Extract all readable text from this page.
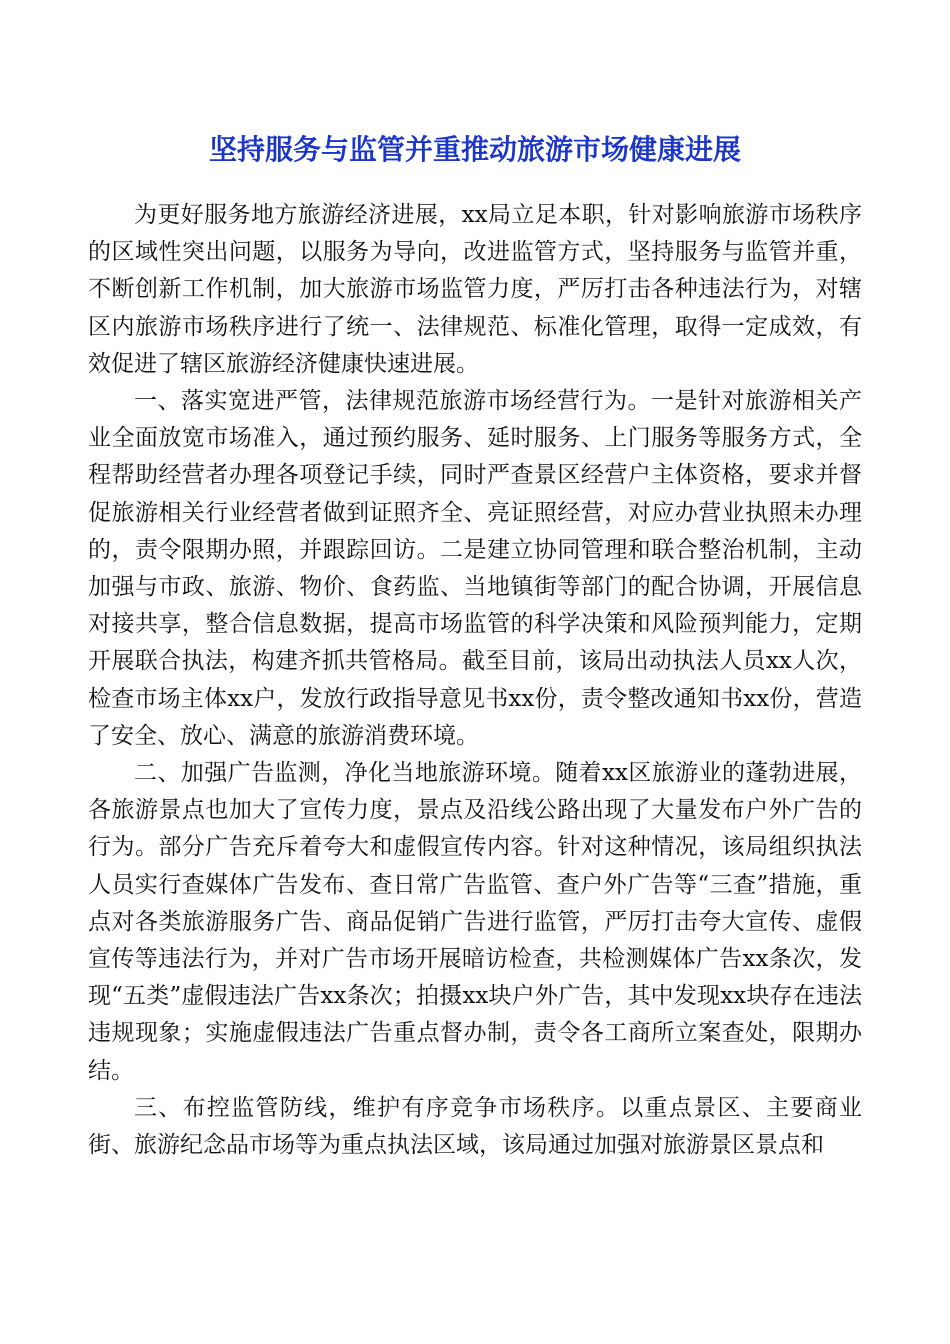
坚持服务与监管并重推动旅游市场健康进展

为更好服务地方旅游经济进展，xx局立足本职，针对影响旅游市场秩序的区域性突出问题，以服务为导向，改进监管方式，坚持服务与监管并重，不断创新工作机制，加大旅游市场监管力度，严厉打击各种违法行为，对辖区内旅游市场秩序进行了统一、法律规范、标准化管理，取得一定成效，有效促进了辖区旅游经济健康快速进展。

一、落实宽进严管，法律规范旅游市场经营行为。一是针对旅游相关产业全面放宽市场准入，通过预约服务、延时服务、上门服务等服务方式，全程帮助经营者办理各项登记手续，同时严查景区经营户主体资格，要求并督促旅游相关行业经营者做到证照齐全、亮证照经营，对应办营业执照未办理的，责令限期办照，并跟踪回访。二是建立协同管理和联合整治机制，主动加强与市政、旅游、物价、食药监、当地镇街等部门的配合协调，开展信息对接共享，整合信息数据，提高市场监管的科学决策和风险预判能力，定期开展联合执法，构建齐抓共管格局。截至目前，该局出动执法人员xx人次，检查市场主体xx户，发放行政指导意见书xx份，责令整改通知书xx份，营造了安全、放心、满意的旅游消费环境。

二、加强广告监测，净化当地旅游环境。随着xx区旅游业的蓬勃进展，各旅游景点也加大了宣传力度，景点及沿线公路出现了大量发布户外广告的行为。部分广告充斥着夸大和虚假宣传内容。针对这种情况，该局组织执法人员实行查媒体广告发布、查日常广告监管、查户外广告等“三查”措施，重点对各类旅游服务广告、商品促销广告进行监管，严厉打击夸大宣传、虚假宣传等违法行为，并对广告市场开展暗访检查，共检测媒体广告xx条次，发现“五类”虚假违法广告xx条次；拍摄xx块户外广告，其中发现xx块存在违法违规现象；实施虚假违法广告重点督办制，责令各工商所立案查处，限期办结。

三、布控监管防线，维护有序竞争市场秩序。以重点景区、主要商业街、旅游纪念品市场等为重点执法区域，该局通过加强对旅游景区景点和
